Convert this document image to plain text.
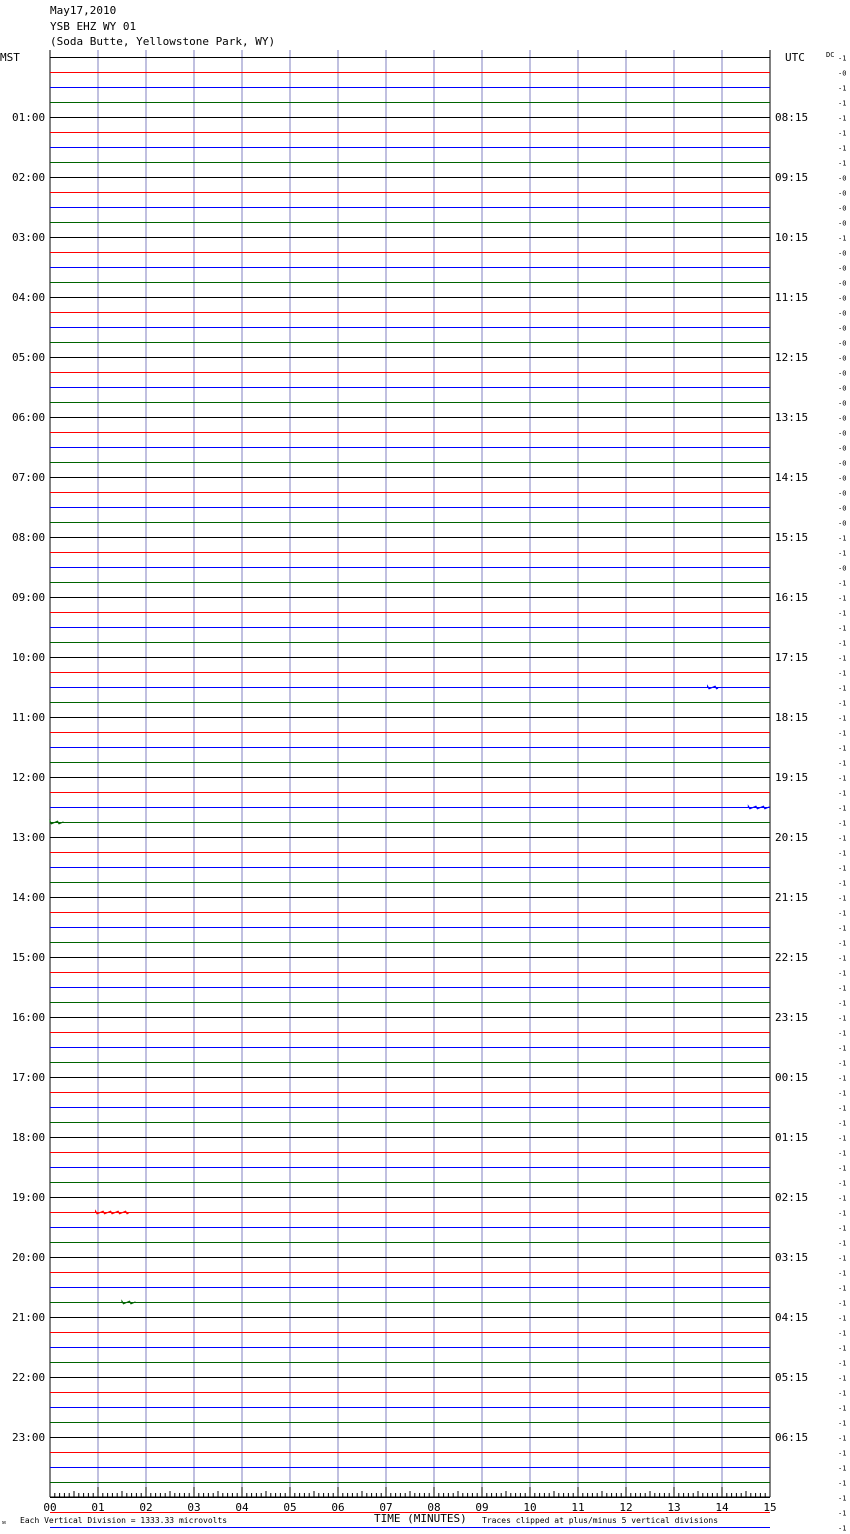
May17,2010
YSB EHZ WY 01
(Soda Butte, Yellowstone Park, WY)
-1
-0
-1
-1
-1
-1
-1
-1
-0
-0
-0
-0
-1
-0
-0
-0
-0
-0
-0
-0
-0
-0
-0
-0
-0
-0
-0
-0
-0
-0
-0
-0
-1
-1
-0
-1
-1
-1
-1
-1
-1
-1
-1
-1
-1
-1
-1
-1
-1
-1
-1
-1
-1
-1
-1
-1
-1
-1
-1
-1
-1
-1
-1
-1
-1
-1
-1
-1
-1
-1
-1
-1
-1
-1
-1
-1
-1
-1
-1
-1
-1
-1
-1
-1
-1
-1
-1
-1
-1
-1
-1
-1
-1
-1
-1
-1
-1
-1
-1
01:00
02:00
03:00
04:00
05:00
06:00
07:00
08:00
09:00
10:00
11:00
12:00
13:00
14:00
15:00
16:00
17:00
18:00
19:00
20:00
21:00
22:00
23:00
08:15
09:15
10:15
11:15
12:15
13:15
14:15
15:15
16:15
17:15
18:15
19:15
20:15
21:15
22:15
23:15
00:15
01:15
02:15
03:15
04:15
05:15
06:15
MST	UTC	DC
00	01	02	03	04	05	06	07	08	09	10	11	12	13	14	15
ᴍ Each Vertical Division = 1333.33 microvolts	TIME (MINUTES) Traces clipped at plus/minus 5 vertical divisions
